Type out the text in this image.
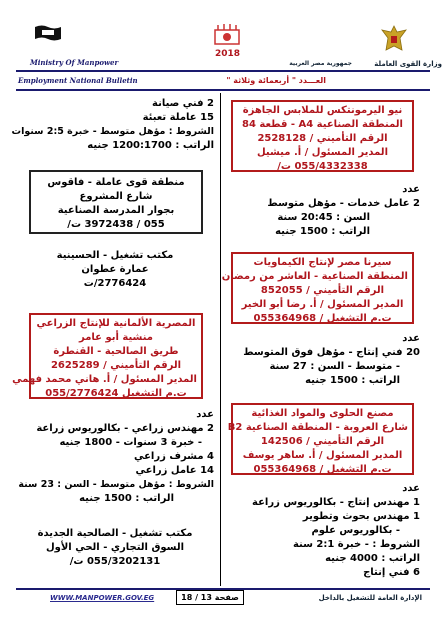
2018
وزارة القوى العاملة
جمهورية مصر العربية
Ministry Of Manpower
Employment National Bulletin	العـــدد " أربعمائة وثلاثة "
نيو اليرمونتكس للملابس الجاهزة
المنطقة الصناعية A4 - قطعة 84
الرقم التأميني / 2528128
المدير المسئول / أ. ميشيل
055/4332338 ت/
عدد
2 عامل خدمات - مؤهل متوسط
السن : 20:45 سنة
الراتب : 1500 جنيه
سيرنا مصر لإنتاج الكيماويات
المنطقة الصناعية - العاشر من رمضان
الرقم التأميني / 852055
المدير المسئول / أ. رضا أبو الخير
ت.م التشغيل / 055364968
عدد
20 فني إنتاج - مؤهل فوق المتوسط
- متوسط - السن : 27 سنة
الراتب : 1500 جنيه
مصنع الحلوى والمواد الغذائية
شارع العروبة - المنطقة الصناعية B2
الرقم التأميني / 142506
المدير المسئول / أ. ساهر يوسف
ت.م التشغيل / 055364968
عدد
1 مهندس إنتاج - بكالوريوس زراعة
1 مهندس بحوث وتطوير
- بكالوريوس علوم
الشروط : - خبرة 2:1 سنة
الراتب : 4000 جنيه
6 فني إنتاج
2 فني صيانة
15 عاملة تعبئة
الشروط : مؤهل متوسط - خبرة 2:5 سنوات
الراتب : 1200:1700 جنيه
منطقة قوى عاملة - فاقوس
شارع المشروع
بجوار المدرسة الصناعية
055 / 3972438 ت/
مكتب تشغيل - الحسينية
عمارة عطوان
2776424/ت
المصرية الألمانية للإنتاج الزراعي
منشية أبو عامر
طريق الصالحية - القنطرة
الرقم التأميني / 2625289
المدير المسئول / أ. هاني محمد فهمي
ت.م التشغيل 055/2776424
عدد
2 مهندس زراعي - بكالوريوس زراعة
- خبرة 3 سنوات - 1800 جنيه
4 مشرف زراعي
14 عامل زراعي
الشروط : مؤهل متوسط - السن : 23 سنة
الراتب : 1500 جنيه
مكتب تشغيل - الصالحية الجديدة
السوق التجاري - الحي الأول
055/3202131 ت/
WWW.MANPOWER.GOV.EG	صفحة 13 / 18	الإدارة العامة للتشغيل بالداخل
